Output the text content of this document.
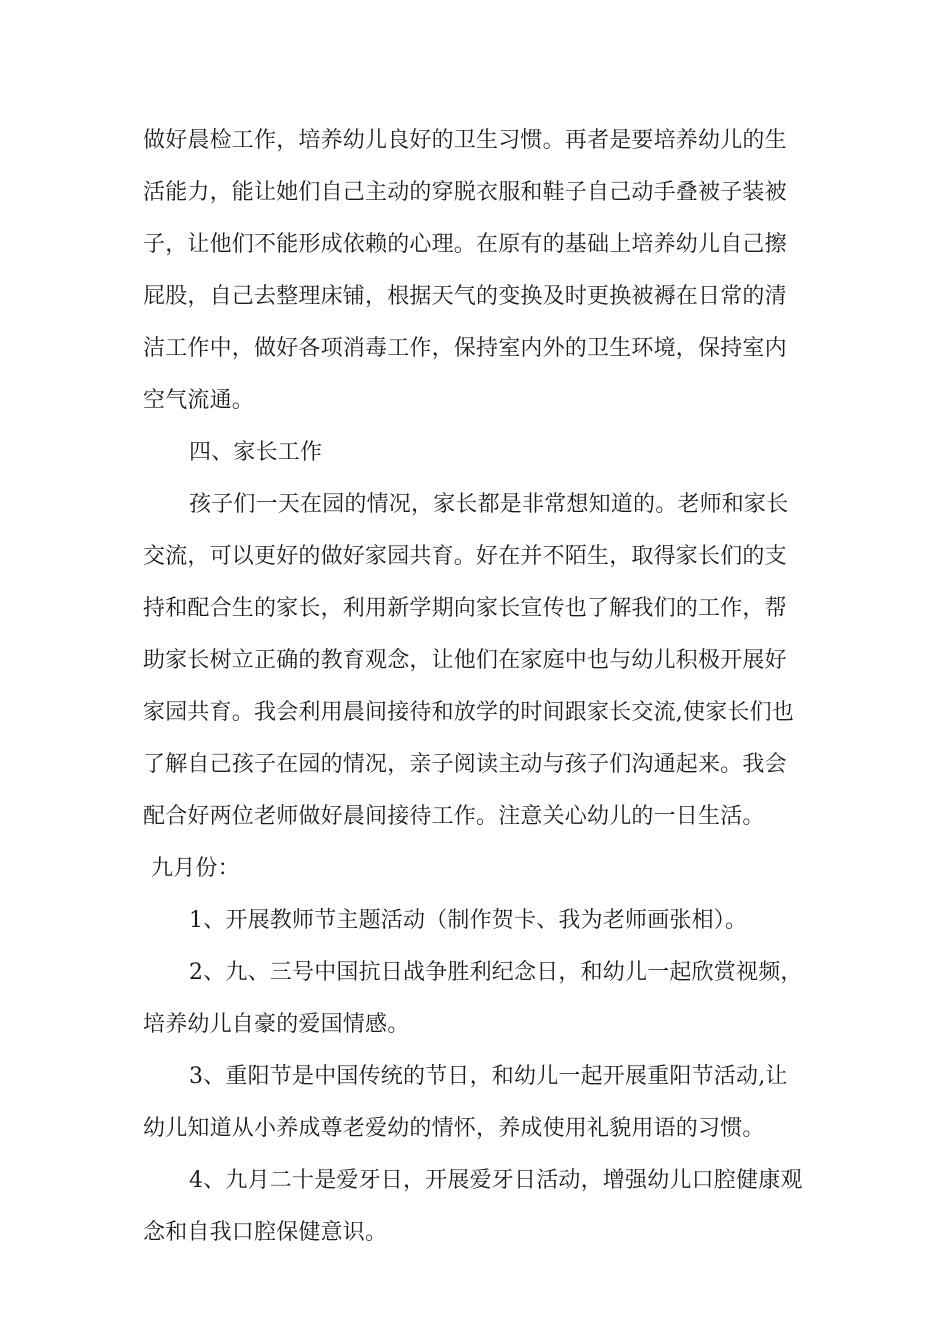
做好晨检工作，培养幼儿良好的卫生习惯。再者是要培养幼儿的生
活能力，能让她们自己主动的穿脱衣服和鞋子自己动手叠被子装被
子，让他们不能形成依赖的心理。在原有的基础上培养幼儿自己擦
屁股，自己去整理床铺，根据天气的变换及时更换被褥在日常的清
洁工作中，做好各项消毒工作，保持室内外的卫生环境，保持室内
空气流通。
四、家长工作
孩子们一天在园的情况，家长都是非常想知道的。老师和家长
交流，可以更好的做好家园共育。好在并不陌生，取得家长们的支
持和配合生的家长，利用新学期向家长宣传也了解我们的工作，帮
助家长树立正确的教育观念，让他们在家庭中也与幼儿积极开展好
家园共育。我会利用晨间接待和放学的时间跟家长交流,使家长们也
了解自己孩子在园的情况，亲子阅读主动与孩子们沟通起来。我会
配合好两位老师做好晨间接待工作。注意关心幼儿的一日生活。
九月份：
1、开展教师节主题活动（制作贺卡、我为老师画张相）。
2、九、三号中国抗日战争胜利纪念日，和幼儿一起欣赏视频，
培养幼儿自豪的爱国情感。
3、重阳节是中国传统的节日，和幼儿一起开展重阳节活动,让
幼儿知道从小养成尊老爱幼的情怀，养成使用礼貌用语的习惯。
4、九月二十是爱牙日，开展爱牙日活动，增强幼儿口腔健康观
念和自我口腔保健意识。
